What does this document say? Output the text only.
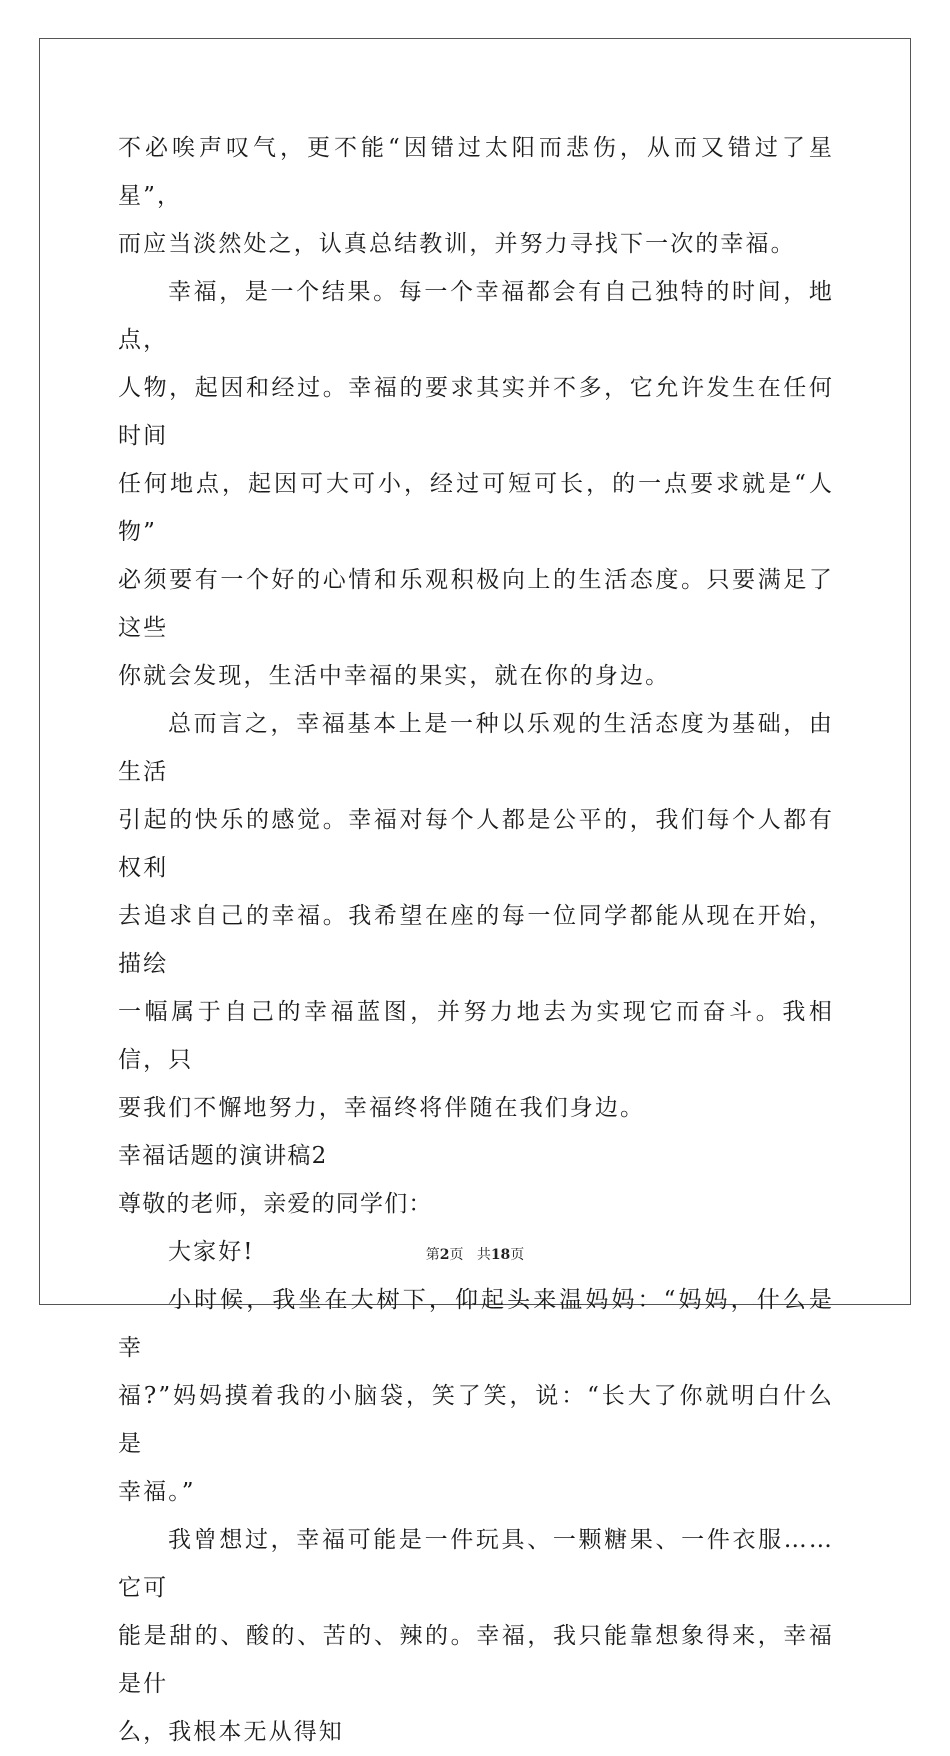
不必唉声叹气，更不能“因错过太阳而悲伤，从而又错过了星星”，
而应当淡然处之，认真总结教训，并努力寻找下一次的幸福。

幸福，是一个结果。每一个幸福都会有自己独特的时间，地点，
人物，起因和经过。幸福的要求其实并不多，它允许发生在任何时间
任何地点，起因可大可小，经过可短可长，的一点要求就是“人物”
必须要有一个好的心情和乐观积极向上的生活态度。只要满足了这些
你就会发现，生活中幸福的果实，就在你的身边。

总而言之，幸福基本上是一种以乐观的生活态度为基础，由生活
引起的快乐的感觉。幸福对每个人都是公平的，我们每个人都有权利
去追求自己的幸福。我希望在座的每一位同学都能从现在开始，描绘
一幅属于自己的幸福蓝图，并努力地去为实现它而奋斗。我相信，只
要我们不懈地努力，幸福终将伴随在我们身边。

幸福话题的演讲稿2

尊敬的老师，亲爱的同学们：

大家好!

小时候，我坐在大树下，仰起头来温妈妈：“妈妈，什么是幸
福?”妈妈摸着我的小脑袋，笑了笑，说：“长大了你就明白什么是
幸福。”

我曾想过，幸福可能是一件玩具、一颗糖果、一件衣服……它可
能是甜的、酸的、苦的、辣的。幸福，我只能靠想象得来，幸福是什
么，我根本无从得知

第2页 共18页
